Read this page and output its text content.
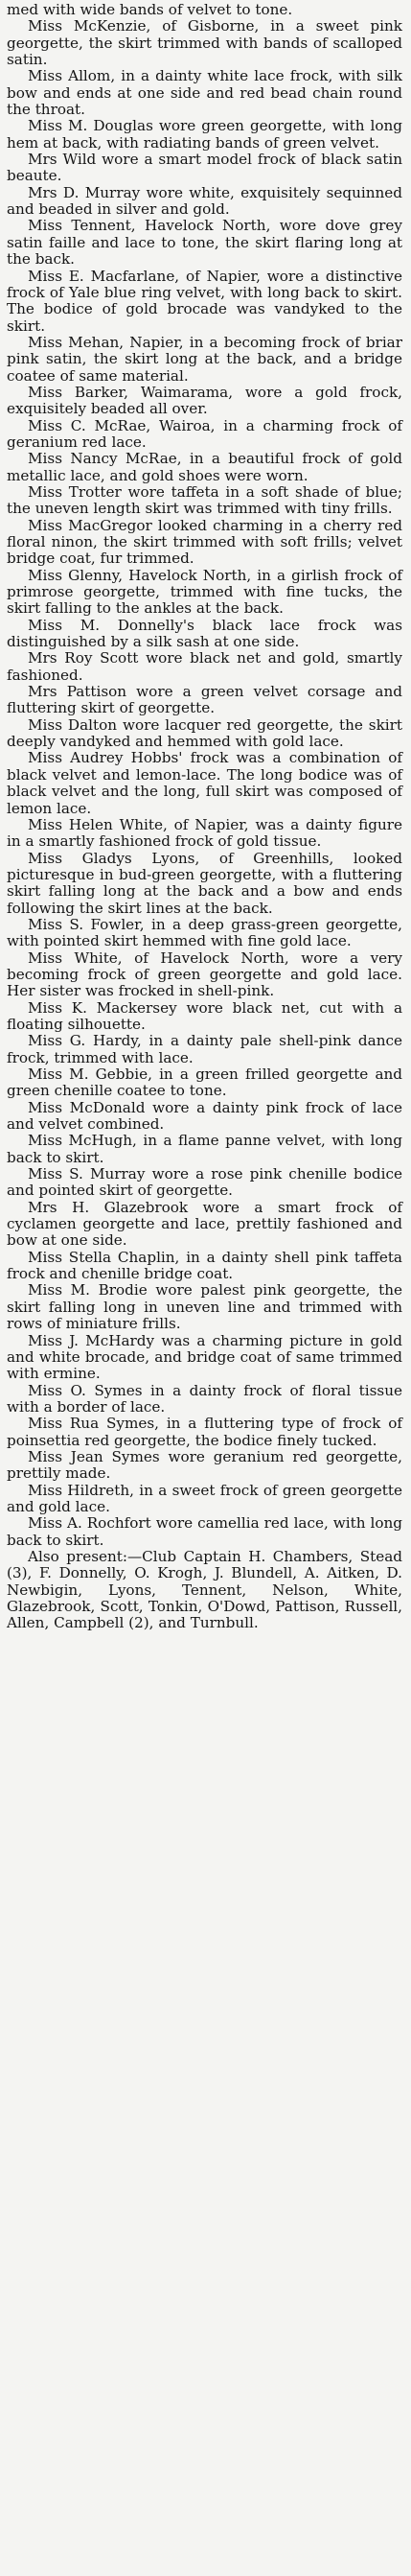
med with wide bands of velvet to tone.

Miss McKenzie, of Gisborne, in a sweet pink georgette, the skirt trimmed with bands of scalloped satin.

Miss Allom, in a dainty white lace frock, with silk bow and ends at one side and red bead chain round the throat.

Miss M. Douglas wore green georgette, with long hem at back, with radiating bands of green velvet.

Mrs Wild wore a smart model frock of black satin beaute.

Mrs D. Murray wore white, exquisitely sequinned and beaded in silver and gold.

Miss Tennent, Havelock North, wore dove grey satin faille and lace to tone, the skirt flaring long at the back.

Miss E. Macfarlane, of Napier, wore a distinctive frock of Yale blue ring velvet, with long back to skirt. The bodice of gold brocade was vandyked to the skirt.

Miss Mehan, Napier, in a becoming frock of briar pink satin, the skirt long at the back, and a bridge coatee of same material.

Miss Barker, Waimarama, wore a gold frock, exquisitely beaded all over.

Miss C. McRae, Wairoa, in a charming frock of geranium red lace.

Miss Nancy McRae, in a beautiful frock of gold metallic lace, and gold shoes were worn.

Miss Trotter wore taffeta in a soft shade of blue; the uneven length skirt was trimmed with tiny frills.

Miss MacGregor looked charming in a cherry red floral ninon, the skirt trimmed with soft frills; velvet bridge coat, fur trimmed.

Miss Glenny, Havelock North, in a girlish frock of primrose georgette, trimmed with fine tucks, the skirt falling to the ankles at the back.

Miss M. Donnelly's black lace frock was distinguished by a silk sash at one side.

Mrs Roy Scott wore black net and gold, smartly fashioned.

Mrs Pattison wore a green velvet corsage and fluttering skirt of georgette.

Miss Dalton wore lacquer red georgette, the skirt deeply vandyked and hemmed with gold lace.

Miss Audrey Hobbs' frock was a combination of black velvet and lemon-lace. The long bodice was of black velvet and the long, full skirt was composed of lemon lace.

Miss Helen White, of Napier, was a dainty figure in a smartly fashioned frock of gold tissue.

Miss Gladys Lyons, of Greenhills, looked picturesque in bud-green georgette, with a fluttering skirt falling long at the back and a bow and ends following the skirt lines at the back.

Miss S. Fowler, in a deep grass-green georgette, with pointed skirt hemmed with fine gold lace.

Miss White, of Havelock North, wore a very becoming frock of green georgette and gold lace. Her sister was frocked in shell-pink.

Miss K. Mackersey wore black net, cut with a floating silhouette.

Miss G. Hardy, in a dainty pale shell-pink dance frock, trimmed with lace.

Miss M. Gebbie, in a green frilled georgette and green chenille coatee to tone.

Miss McDonald wore a dainty pink frock of lace and velvet combined.

Miss McHugh, in a flame panne velvet, with long back to skirt.

Miss S. Murray wore a rose pink chenille bodice and pointed skirt of georgette.

Mrs H. Glazebrook wore a smart frock of cyclamen georgette and lace, prettily fashioned and bow at one side.

Miss Stella Chaplin, in a dainty shell pink taffeta frock and chenille bridge coat.

Miss M. Brodie wore palest pink georgette, the skirt falling long in uneven line and trimmed with rows of miniature frills.

Miss J. McHardy was a charming picture in gold and white brocade, and bridge coat of same trimmed with ermine.

Miss O. Symes in a dainty frock of floral tissue with a border of lace.

Miss Rua Symes, in a fluttering type of frock of poinsettia red georgette, the bodice finely tucked.

Miss Jean Symes wore geranium red georgette, prettily made.

Miss Hildreth, in a sweet frock of green georgette and gold lace.

Miss A. Rochfort wore camellia red lace, with long back to skirt.

Also present:—Club Captain H. Chambers, Stead (3), F. Donnelly, O. Krogh, J. Blundell, A. Aitken, D. Newbigin, Lyons, Tennent, Nelson, White, Glazebrook, Scott, Tonkin, O'Dowd, Pattison, Russell, Allen, Campbell (2), and Turnbull.
